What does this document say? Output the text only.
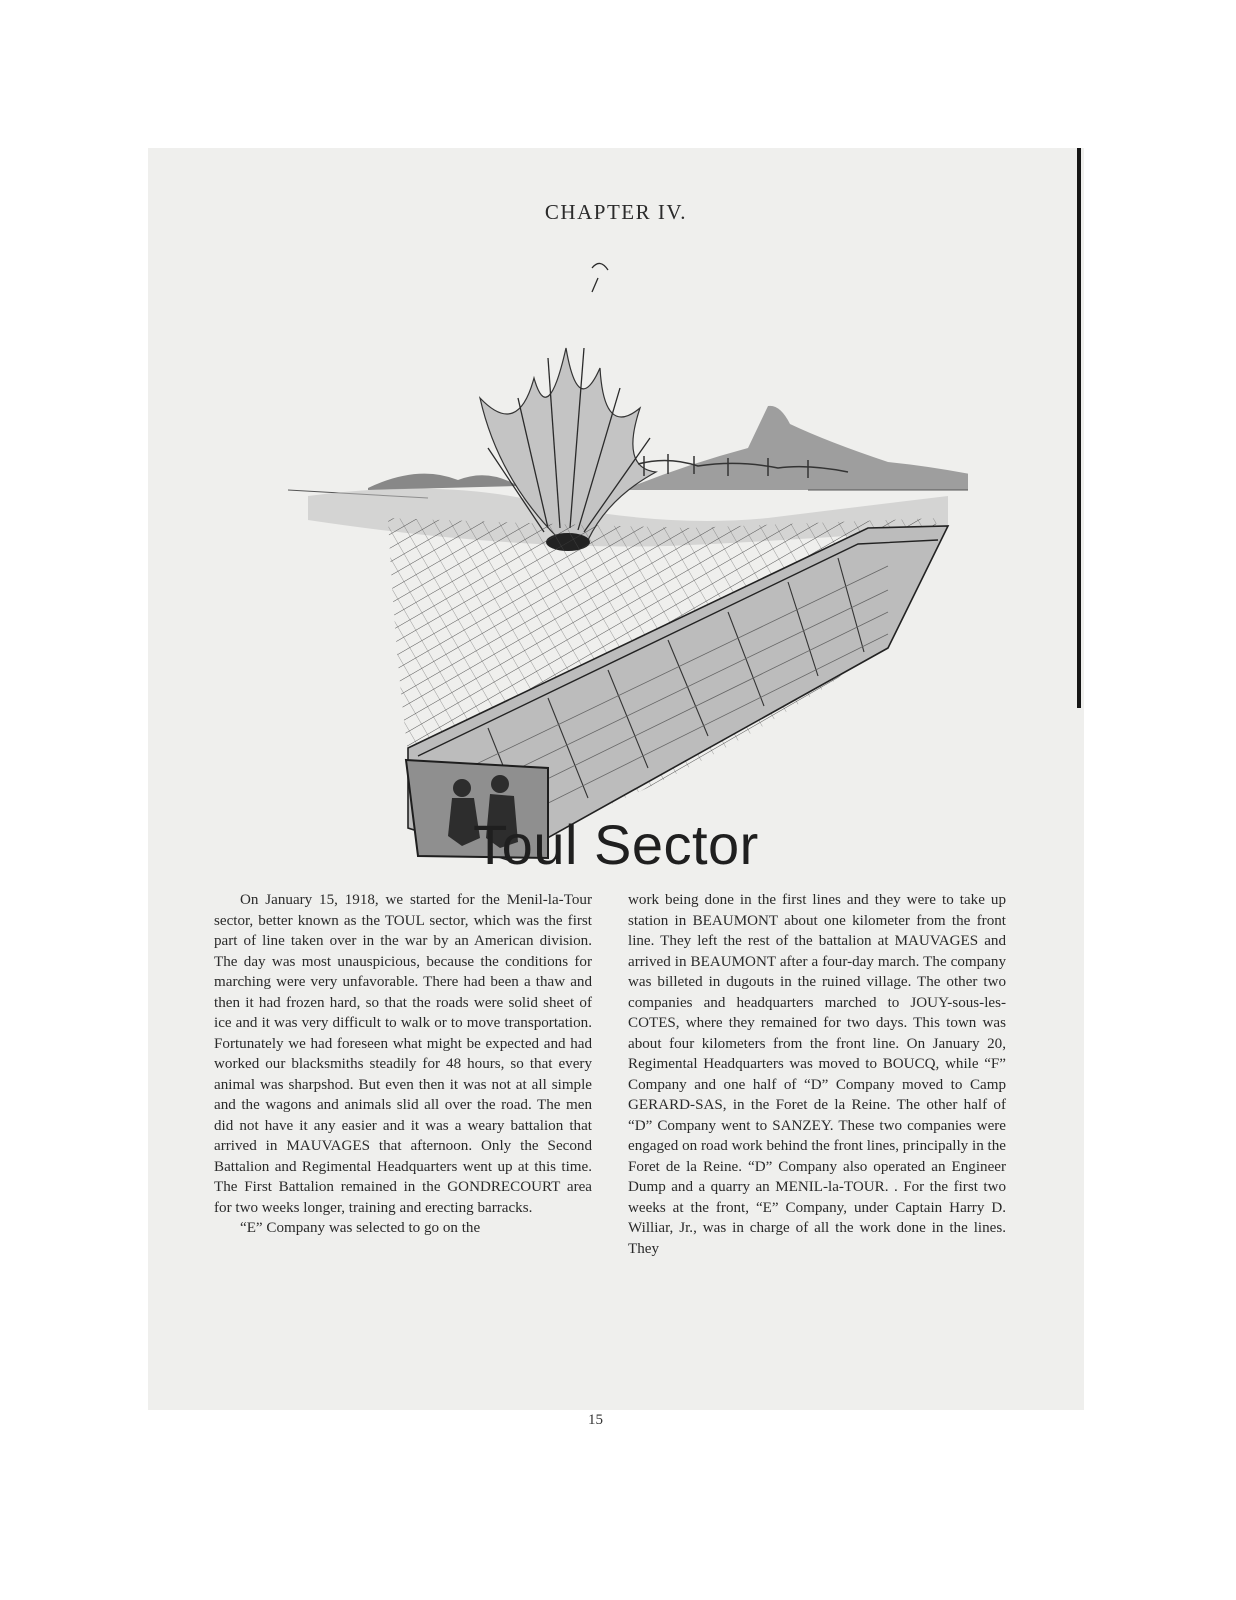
CHAPTER IV.
Toul Sector

On January 15, 1918, we started for the Menil-la-Tour sector, better known as the TOUL sector, which was the first part of line taken over in the war by an American division. The day was most unauspicious, because the conditions for marching were very unfavorable. There had been a thaw and then it had frozen hard, so that the roads were solid sheet of ice and it was very difficult to walk or to move transportation. Fortunately we had foreseen what might be expected and had worked our blacksmiths steadily for 48 hours, so that every animal was sharpshod. But even then it was not at all simple and the wagons and animals slid all over the road. The men did not have it any easier and it was a weary battalion that arrived in MAUVAGES that afternoon. Only the Second Battalion and Regimental Headquarters went up at this time. The First Battalion remained in the GONDRECOURT area for two weeks longer, training and erecting barracks.

“E” Company was selected to go on the

work being done in the first lines and they were to take up station in BEAUMONT about one kilometer from the front line. They left the rest of the battalion at MAUVAGES and arrived in BEAUMONT after a four-day march. The company was billeted in dugouts in the ruined village. The other two companies and headquarters marched to JOUY-sous-les-COTES, where they remained for two days. This town was about four kilometers from the front line. On January 20, Regimental Headquarters was moved to BOUCQ, while “F” Company and one half of “D” Company moved to Camp GERARD-SAS, in the Foret de la Reine. The other half of “D” Company went to SANZEY. These two companies were engaged on road work behind the front lines, principally in the Foret de la Reine. “D” Company also operated an Engineer Dump and a quarry an MENIL-la-TOUR. . For the first two weeks at the front, “E” Company, under Captain Harry D. Williar, Jr., was in charge of all the work done in the lines. They

15
